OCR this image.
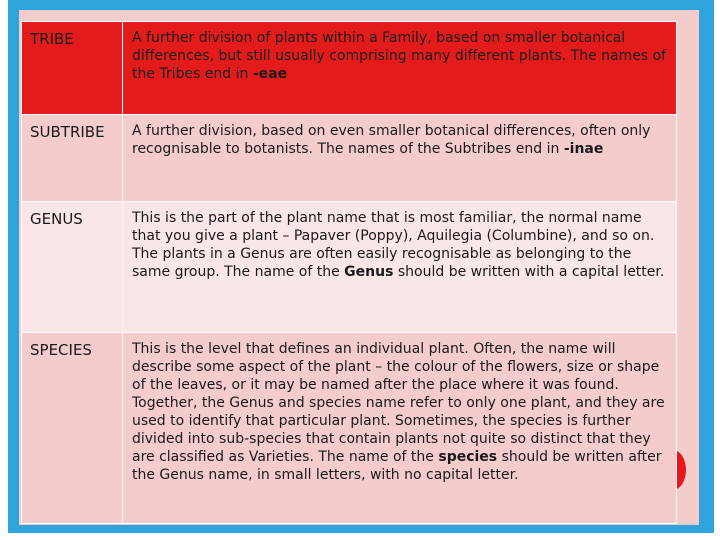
TRIBE	A further division of plants within a Family, based on smaller botanical differences, but still usually comprising many different plants. The names of the Tribes end in -eae
SUBTRIBE	A further division, based on even smaller botanical differences, often only recognisable to botanists. The names of the Subtribes end in -inae
GENUS	This is the part of the plant name that is most familiar, the normal name that you give a plant – Papaver (Poppy), Aquilegia (Columbine), and so on. The plants in a Genus are often easily recognisable as belonging to the same group. The name of the Genus should be written with a capital letter.
SPECIES	This is the level that defines an individual plant. Often, the name will describe some aspect of the plant – the colour of the flowers, size or shape of the leaves, or it may be named after the place where it was found. Together, the Genus and species name refer to only one plant, and they are used to identify that particular plant. Sometimes, the species is further divided into sub-species that contain plants not quite so distinct that they are classified as Varieties. The name of the species should be written after the Genus name, in small letters, with no capital letter.
